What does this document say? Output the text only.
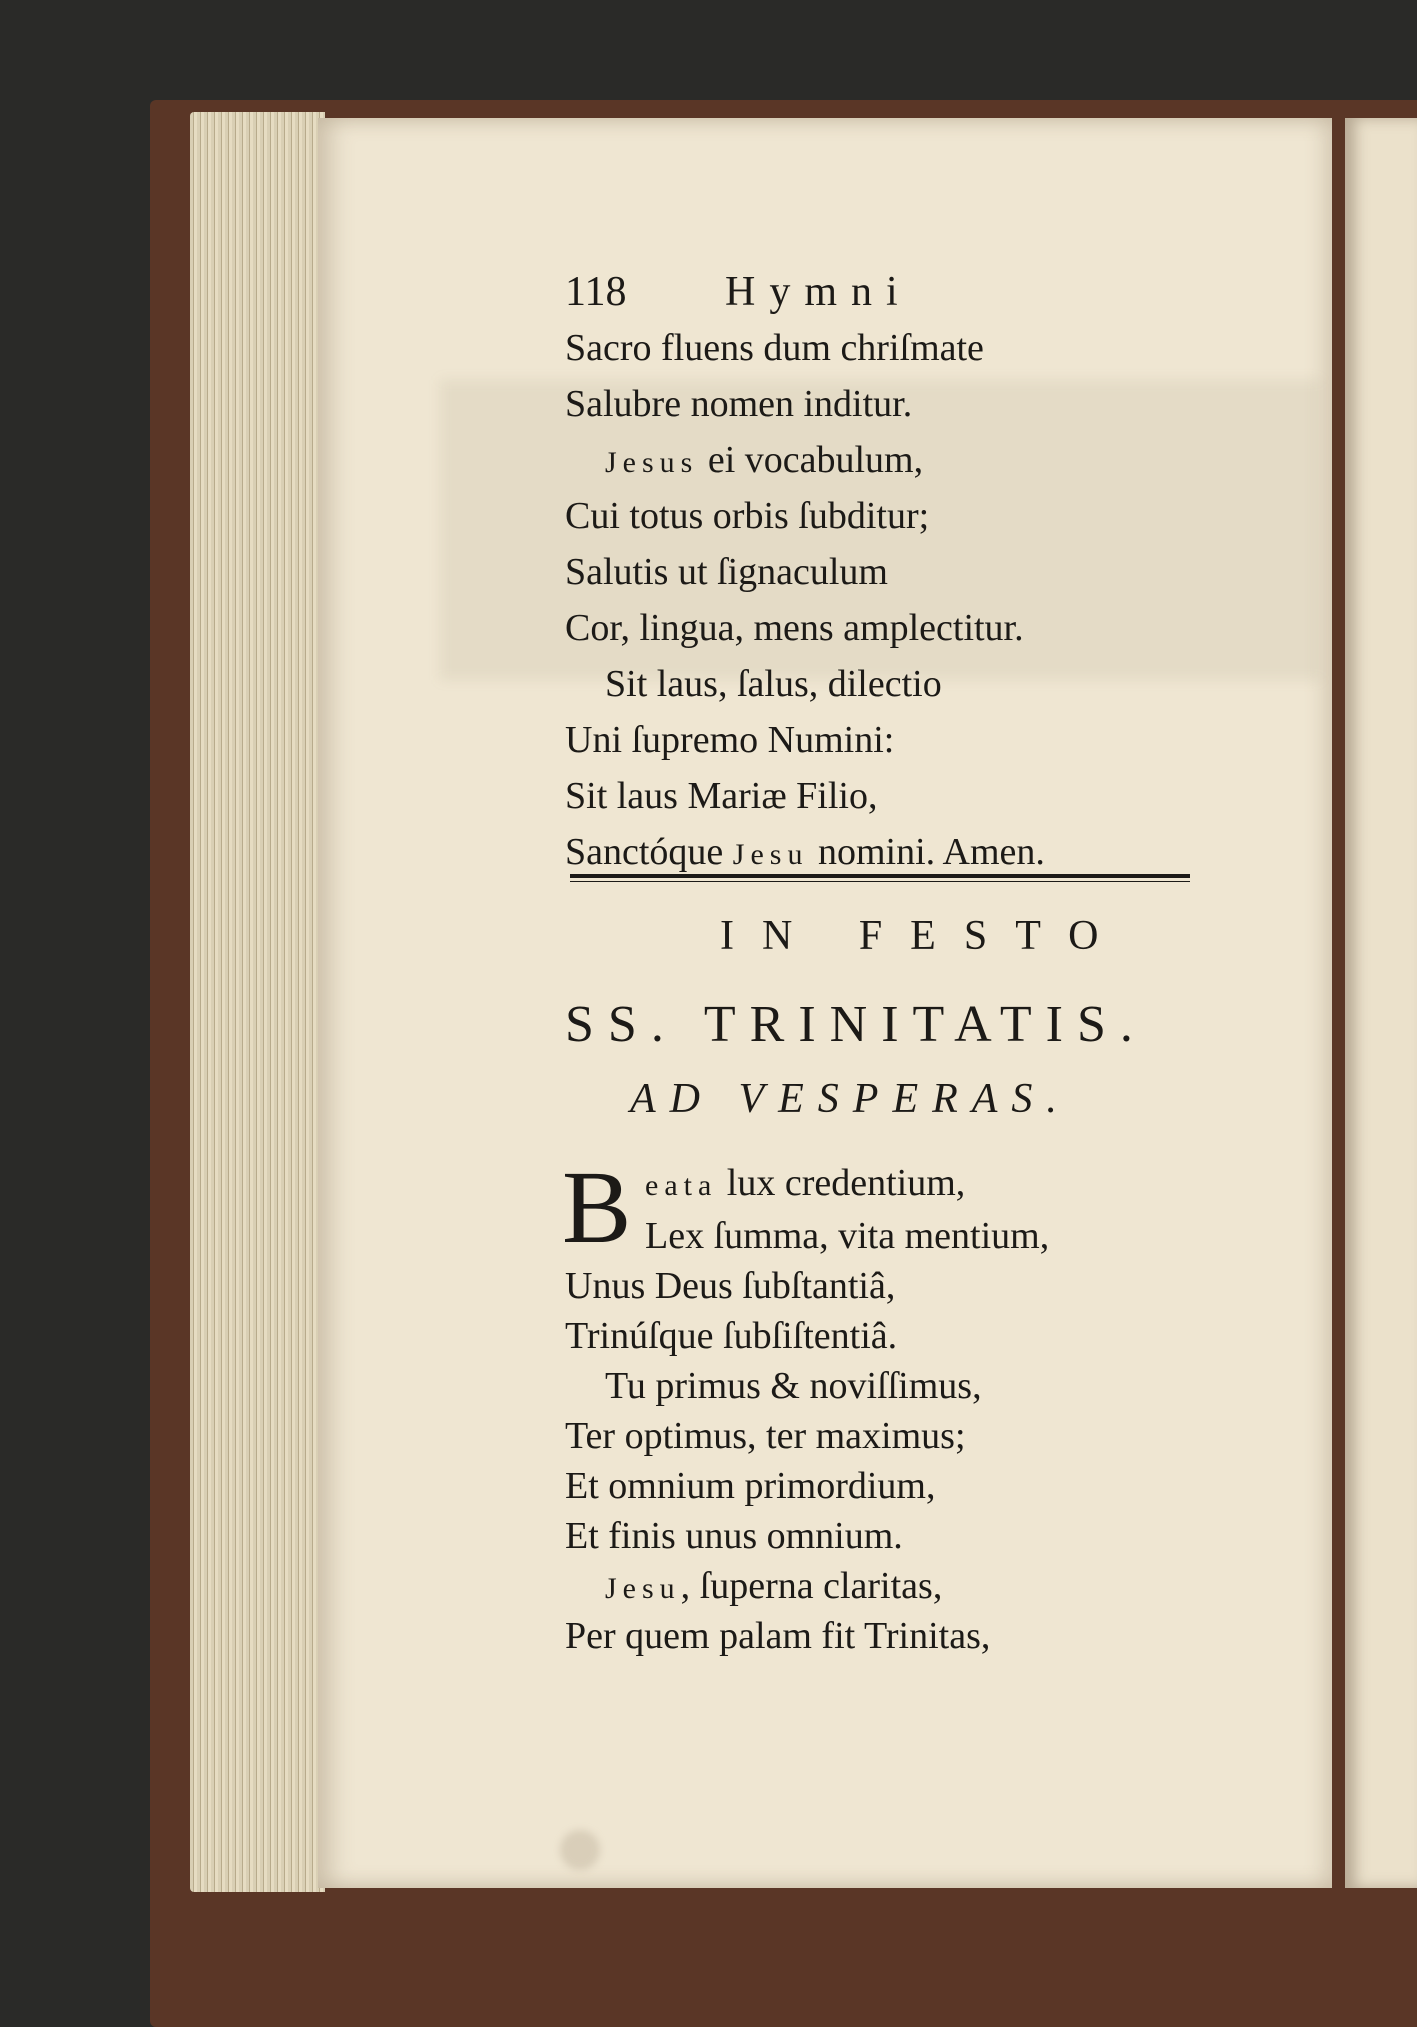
118 Hymni
Sacro fluens dum chriſmate
Salubre nomen inditur.
Jesus ei vocabulum,
Cui totus orbis ſubditur;
Salutis ut ſignaculum
Cor, lingua, mens amplectitur.
Sit laus, ſalus, dilectio
Uni ſupremo Numini:
Sit laus Mariæ Filio,
Sanctóque Jesu nomini. Amen.
IN FESTO
SS. TRINITATIS.
AD VESPERAS.
B eata lux credentium,
Lex ſumma, vita mentium,
Unus Deus ſubſtantiâ,
Trinúſque ſubſiſtentiâ.
Tu primus & noviſſimus,
Ter optimus, ter maximus;
Et omnium primordium,
Et finis unus omnium.
Jesu, ſuperna claritas,
Per quem palam fit Trinitas,
